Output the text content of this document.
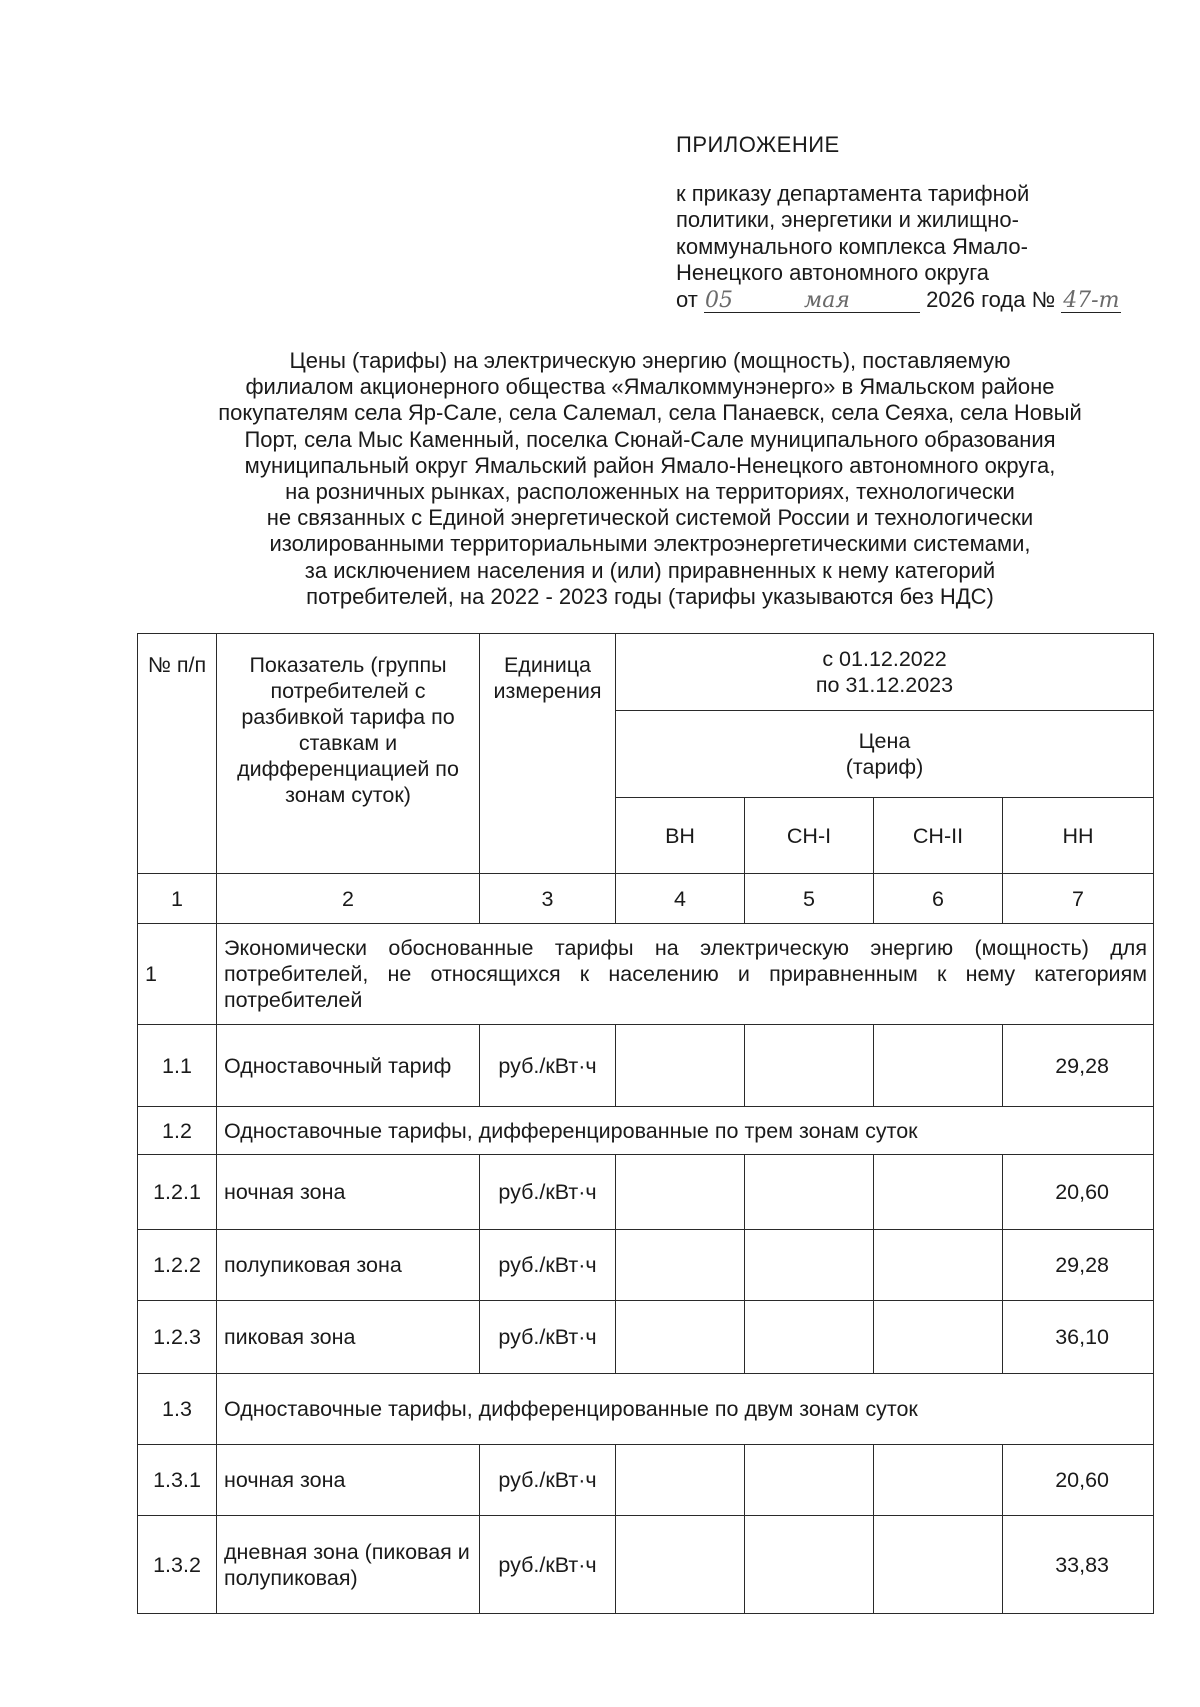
ПРИЛОЖЕНИЕ

к приказу департамента тарифной

политики, энергетики и жилищно-

коммунального комплекса Ямало-

Ненецкого автономного округа

от 05	мая	2026 года № 47-т

Цены (тарифы) на электрическую энергию (мощность), поставляемую
филиалом акционерного общества «Ямалкоммунэнерго» в Ямальском районе
покупателям села Яр-Сале, села Салемал, села Панаевск, села Сеяха, села Новый
Порт, села Мыс Каменный, поселка Сюнай-Сале муниципального образования
муниципальный округ Ямальский район Ямало-Ненецкого автономного округа,
на розничных рынках, расположенных на территориях, технологически
не связанных с Единой энергетической системой России и технологически
изолированными территориальными электроэнергетическими системами,
за исключением населения и (или) приравненных к нему категорий
потребителей, на 2022 - 2023 годы (тарифы указываются без НДС)
№ п/п	Показатель (группы потребителей с разбивкой тарифа по ставкам и дифференциацией по зонам суток)	Единица измерения	с 01.12.2022
по 31.12.2023			

			Цена
(тариф)			

			ВН	СН-I	СН-II	НН
1	2	3	4	5	6	7
1	Экономически обоснованные тарифы на электрическую энергию (мощность) для потребителей, не относящихся к населению и приравненным к нему категориям потребителей					
1.1	Одноставочный тариф	руб./кВт·ч				29,28
1.2	Одноставочные тарифы, дифференцированные по трем зонам суток					
1.2.1	ночная зона	руб./кВт·ч				20,60
1.2.2	полупиковая зона	руб./кВт·ч				29,28
1.2.3	пиковая зона	руб./кВт·ч				36,10
1.3	Одноставочные тарифы, дифференцированные по двум зонам суток					
1.3.1	ночная зона	руб./кВт·ч				20,60
1.3.2	дневная зона (пиковая и полупиковая)	руб./кВт·ч				33,83
